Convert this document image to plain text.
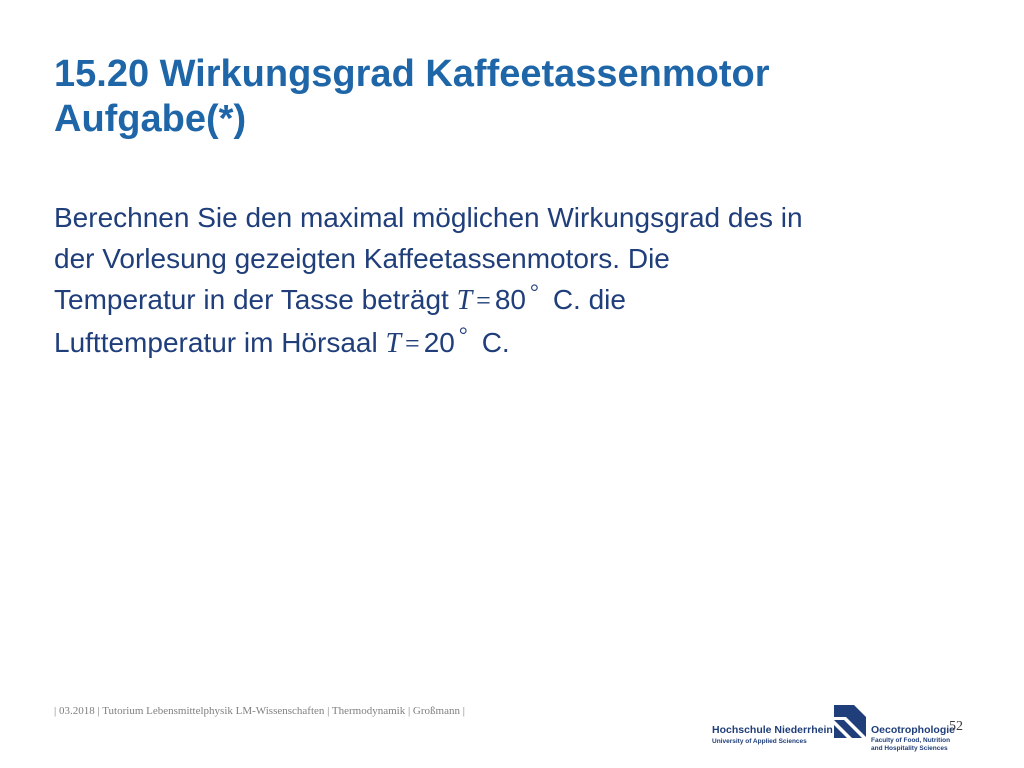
15.20 Wirkungsgrad Kaffeetassenmotor
Aufgabe(*)
Berechnen Sie den maximal möglichen Wirkungsgrad des in
der Vorlesung gezeigten Kaffeetassenmotors. Die
Temperatur in der Tasse beträgt T = 80 ° C. die
Lufttemperatur im Hörsaal T = 20 ° C.
| 03.2018 | Tutorium Lebensmittelphysik LM-Wissenschaften | Thermodynamik | Großmann |
Hochschule Niederrhein
University of Applied Sciences
Oecotrophologie
Faculty of Food, Nutrition
and Hospitality Sciences
52
